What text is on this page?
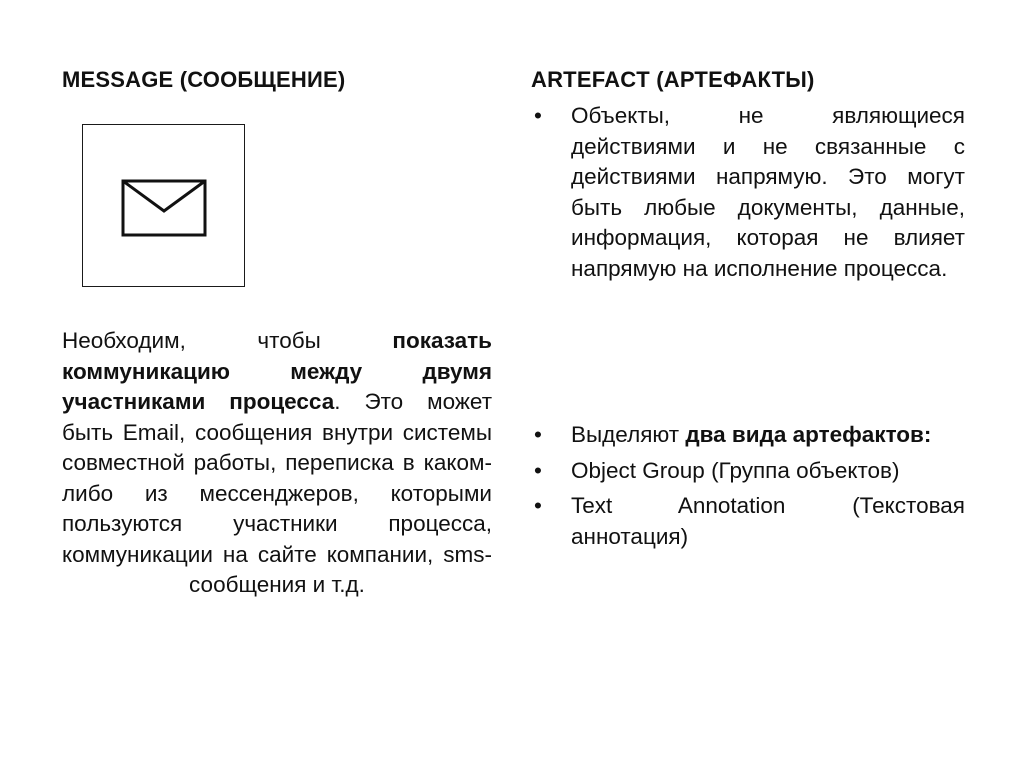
MESSAGE (СООБЩЕНИЕ)
Необходим, чтобы показать коммуникацию между двумя участниками процесса. Это может быть Email, сообщения внутри системы совместной работы, переписка в каком-либо из мессенджеров, которыми пользуются участники процесса, коммуникации на сайте компании, sms-сообщения и т.д.
ARTEFACT (АРТЕФАКТЫ)
• Объекты, не являющиеся действиями и не связанные с действиями напрямую. Это могут быть любые документы, данные, информация, которая не влияет напрямую на исполнение процесса.
• Выделяют два вида артефактов:
• Object Group (Группа объектов)
• Text Annotation (Текстовая аннотация)
